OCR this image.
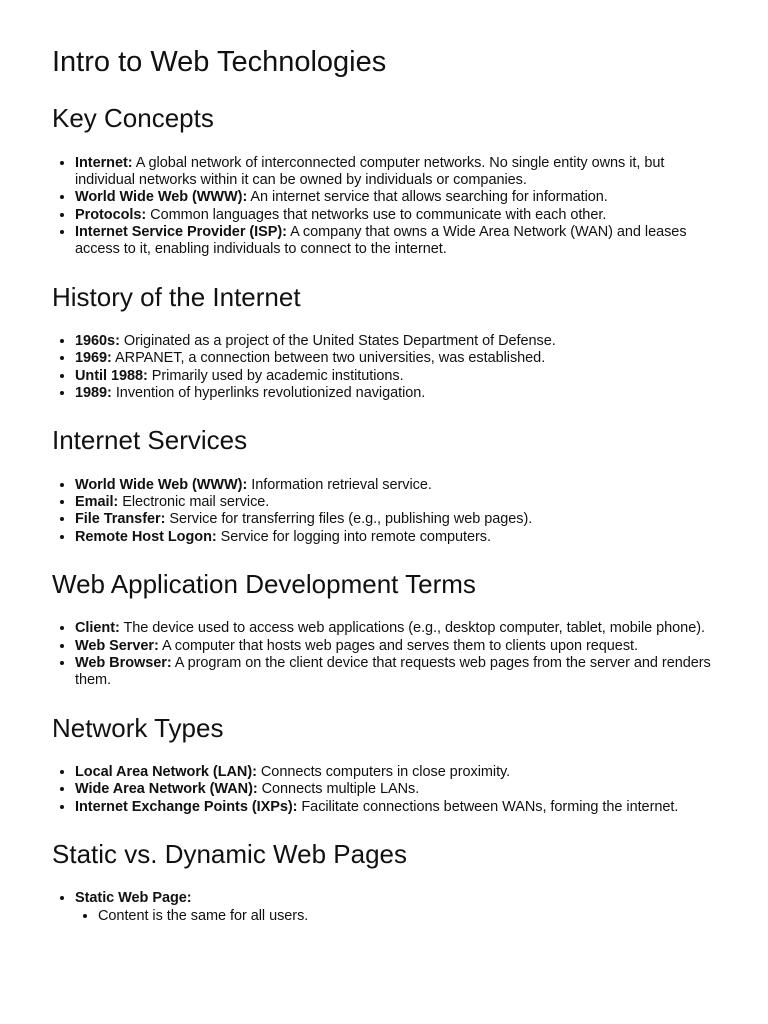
Intro to Web Technologies
Key Concepts
• Internet: A global network of interconnected computer networks. No single entity owns it, but individual networks within it can be owned by individuals or companies.
• World Wide Web (WWW): An internet service that allows searching for information.
• Protocols: Common languages that networks use to communicate with each other.
• Internet Service Provider (ISP): A company that owns a Wide Area Network (WAN) and leases access to it, enabling individuals to connect to the internet.
History of the Internet
• 1960s: Originated as a project of the United States Department of Defense.
• 1969: ARPANET, a connection between two universities, was established.
• Until 1988: Primarily used by academic institutions.
• 1989: Invention of hyperlinks revolutionized navigation.
Internet Services
• World Wide Web (WWW): Information retrieval service.
• Email: Electronic mail service.
• File Transfer: Service for transferring files (e.g., publishing web pages).
• Remote Host Logon: Service for logging into remote computers.
Web Application Development Terms
• Client: The device used to access web applications (e.g., desktop computer, tablet, mobile phone).
• Web Server: A computer that hosts web pages and serves them to clients upon request.
• Web Browser: A program on the client device that requests web pages from the server and renders them.
Network Types
• Local Area Network (LAN): Connects computers in close proximity.
• Wide Area Network (WAN): Connects multiple LANs.
• Internet Exchange Points (IXPs): Facilitate connections between WANs, forming the internet.
Static vs. Dynamic Web Pages
• Static Web Page:
• Content is the same for all users.
